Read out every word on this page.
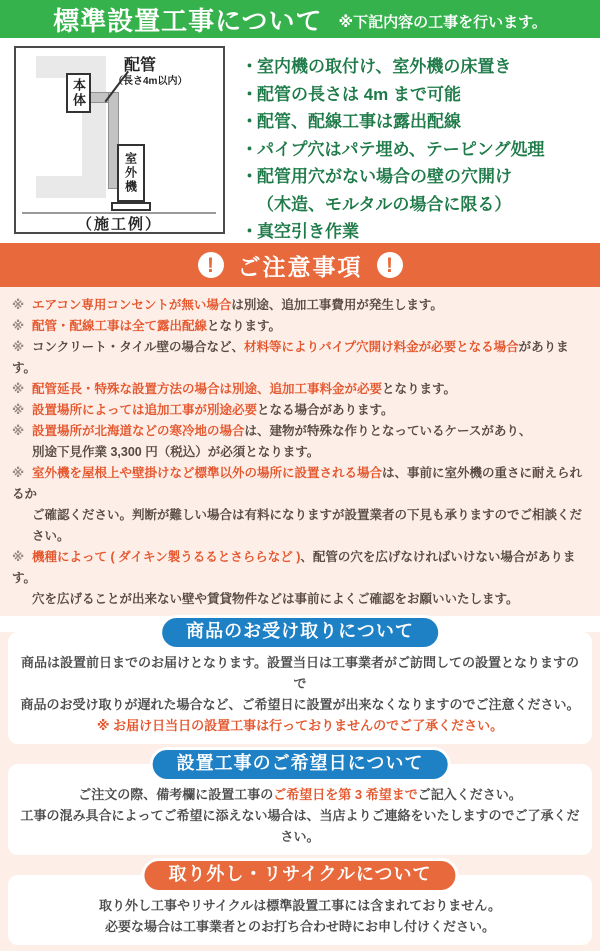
標準設置工事について ※下記内容の工事を行います。
本体
室外機
配管
（長さ4m以内）
（施工例）
・室内機の取付け、室外機の床置き
・配管の長さは 4m まで可能
・配管、配線工事は露出配線
・パイプ穴はパテ埋め、テーピング処理
・配管用穴がない場合の壁の穴開け
（木造、モルタルの場合に限る）
・真空引き作業
!	ご注意事項	!
※ エアコン専用コンセントが無い場合は別途、追加工事費用が発生します。
※ 配管・配線工事は全て露出配線となります。
※ コンクリート・タイル壁の場合など、材料等によりパイプ穴開け料金が必要となる場合があります。
※ 配管延長・特殊な設置方法の場合は別途、追加工事料金が必要となります。
※ 設置場所によっては追加工事が別途必要となる場合があります。
※ 設置場所が北海道などの寒冷地の場合は、建物が特殊な作りとなっているケースがあり、
別途下見作業 3,300 円（税込）が必須となります。
※ 室外機を屋根上や壁掛けなど標準以外の場所に設置される場合は、事前に室外機の重さに耐えられるか
ご確認ください。判断が難しい場合は有料になりますが設置業者の下見も承りますのでご相談ください。
※ 機種によって ( ダイキン製うるるとさららなど )、配管の穴を広げなければいけない場合があります。
穴を広げることが出来ない壁や賃貸物件などは事前によくご確認をお願いいたします。
商品のお受け取りについて
商品は設置前日までのお届けとなります。設置当日は工事業者がご訪問しての設置となりますので
商品のお受け取りが遅れた場合など、ご希望日に設置が出来なくなりますのでご注意ください。
※ お届け日当日の設置工事は行っておりませんのでご了承ください。
設置工事のご希望日について
ご注文の際、備考欄に設置工事のご希望日を第 3 希望までご記入ください。
工事の混み具合によってご希望に添えない場合は、当店よりご連絡をいたしますのでご了承ください。
取り外し・リサイクルについて
取り外し工事やリサイクルは標準設置工事には含まれておりません。
必要な場合は工事業者とのお打ち合わせ時にお申し付けください。
